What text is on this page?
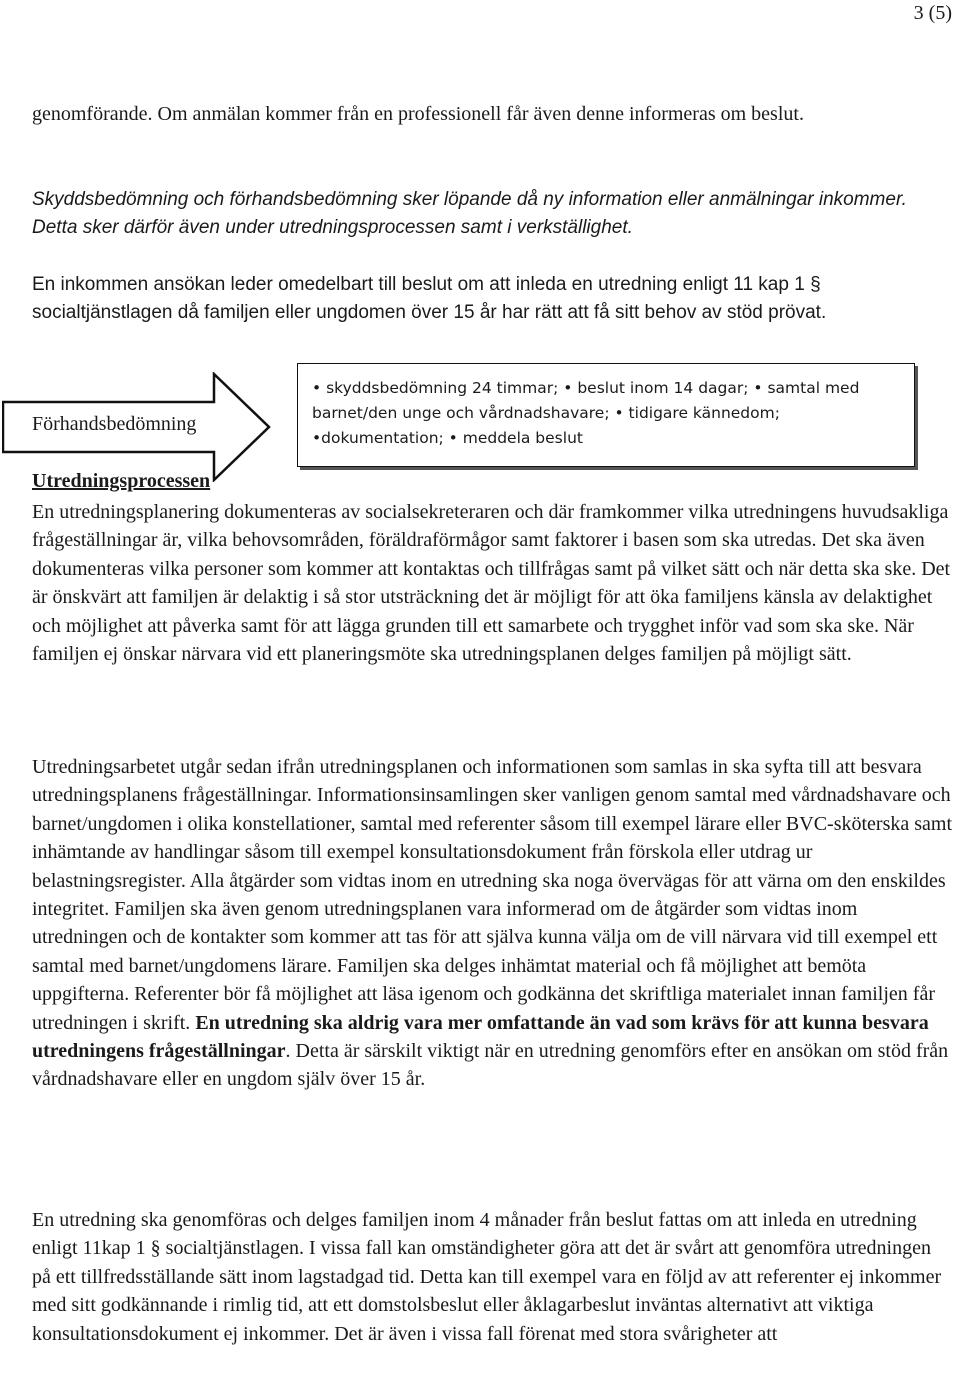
3 (5)

genomförande. Om anmälan kommer från en professionell får även denne informeras om beslut.

Skyddsbedömning och förhandsbedömning sker löpande då ny information eller anmälningar inkommer. Detta sker därför även under utredningsprocessen samt i verkställighet.

En inkommen ansökan leder omedelbart till beslut om att inleda en utredning enligt 11 kap 1 § socialtjänstlagen då familjen eller ungdomen över 15 år har rätt att få sitt behov av stöd prövat.

Förhandsbedömning
• skyddsbedömning 24 timmar; • beslut inom 14 dagar; • samtal med barnet/den unge och vårdnadshavare; • tidigare kännedom; •dokumentation; • meddela beslut
Utredningsprocessen

En utredningsplanering dokumenteras av socialsekreteraren och där framkommer vilka utredningens huvudsakliga frågeställningar är, vilka behovsområden, föräldraförmågor samt faktorer i basen som ska utredas. Det ska även dokumenteras vilka personer som kommer att kontaktas och tillfrågas samt på vilket sätt och när detta ska ske. Det är önskvärt att familjen är delaktig i så stor utsträckning det är möjligt för att öka familjens känsla av delaktighet och möjlighet att påverka samt för att lägga grunden till ett samarbete och trygghet inför vad som ska ske. När familjen ej önskar närvara vid ett planeringsmöte ska utredningsplanen delges familjen på möjligt sätt.

Utredningsarbetet utgår sedan ifrån utredningsplanen och informationen som samlas in ska syfta till att besvara utredningsplanens frågeställningar. Informationsinsamlingen sker vanligen genom samtal med vårdnadshavare och barnet/ungdomen i olika konstellationer, samtal med referenter såsom till exempel lärare eller BVC-sköterska samt inhämtande av handlingar såsom till exempel konsultationsdokument från förskola eller utdrag ur belastningsregister. Alla åtgärder som vidtas inom en utredning ska noga övervägas för att värna om den enskildes integritet. Familjen ska även genom utredningsplanen vara informerad om de åtgärder som vidtas inom utredningen och de kontakter som kommer att tas för att själva kunna välja om de vill närvara vid till exempel ett samtal med barnet/ungdomens lärare. Familjen ska delges inhämtat material och få möjlighet att bemöta uppgifterna. Referenter bör få möjlighet att läsa igenom och godkänna det skriftliga materialet innan familjen får utredningen i skrift. En utredning ska aldrig vara mer omfattande än vad som krävs för att kunna besvara utredningens frågeställningar. Detta är särskilt viktigt när en utredning genomförs efter en ansökan om stöd från vårdnadshavare eller en ungdom själv över 15 år.

En utredning ska genomföras och delges familjen inom 4 månader från beslut fattas om att inleda en utredning enligt 11kap 1 § socialtjänstlagen. I vissa fall kan omständigheter göra att det är svårt att genomföra utredningen på ett tillfredsställande sätt inom lagstadgad tid. Detta kan till exempel vara en följd av att referenter ej inkommer med sitt godkännande i rimlig tid, att ett domstolsbeslut eller åklagarbeslut inväntas alternativt att viktiga konsultationsdokument ej inkommer. Det är även i vissa fall förenat med stora svårigheter att
